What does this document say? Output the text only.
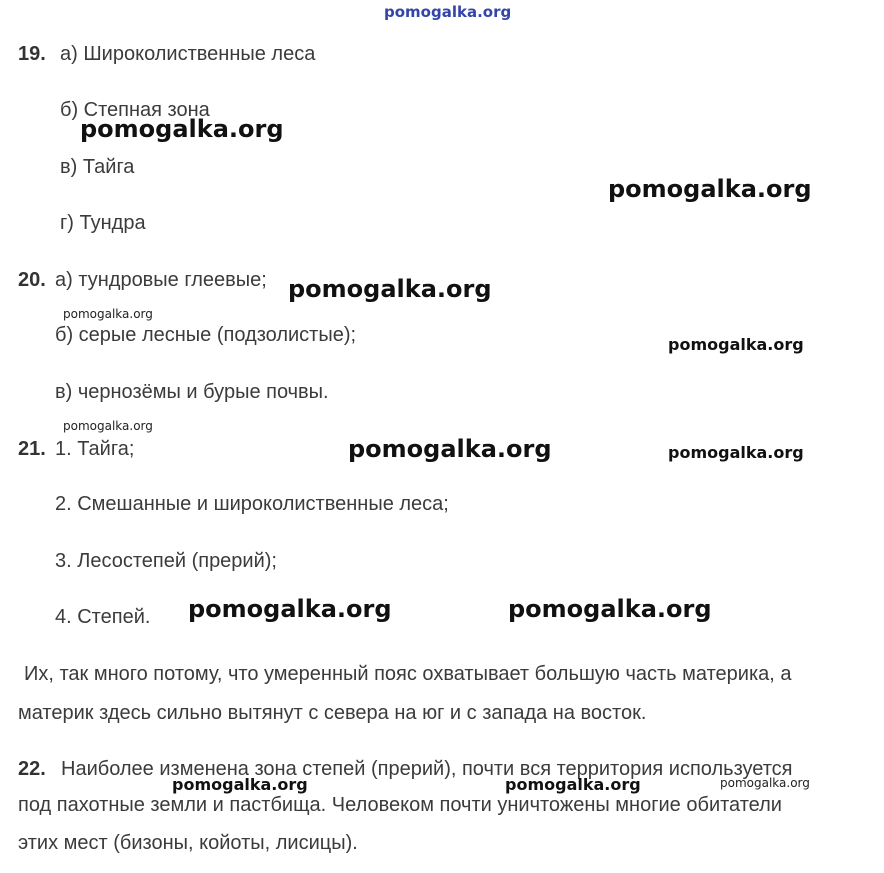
pomogalka.org
19. а) Широколиственные леса
б) Степная зона
в) Тайга
г) Тундра
20. а) тундровые глеевые;
б) серые лесные (подзолистые);
в) чернозёмы и бурые почвы.
21. 1. Тайга;
2. Смешанные и широколиственные леса;
3. Лесостепей (прерий);
4. Степей.
Их, так много потому, что умеренный пояс охватывает большую часть материка, а
материк здесь сильно вытянут с севера на юг и с запада на восток.
22. Наиболее изменена зона степей (прерий), почти вся территория используется
под пахотные земли и пастбища. Человеком почти уничтожены многие обитатели
этих мест (бизоны, койоты, лисицы).
pomogalka.org
pomogalka.org
pomogalka.org
pomogalka.org
pomogalka.org
pomogalka.org
pomogalka.org	pomogalka.org
pomogalka.org	pomogalka.org
pomogalka.org	pomogalka.org	pomogalka.org
